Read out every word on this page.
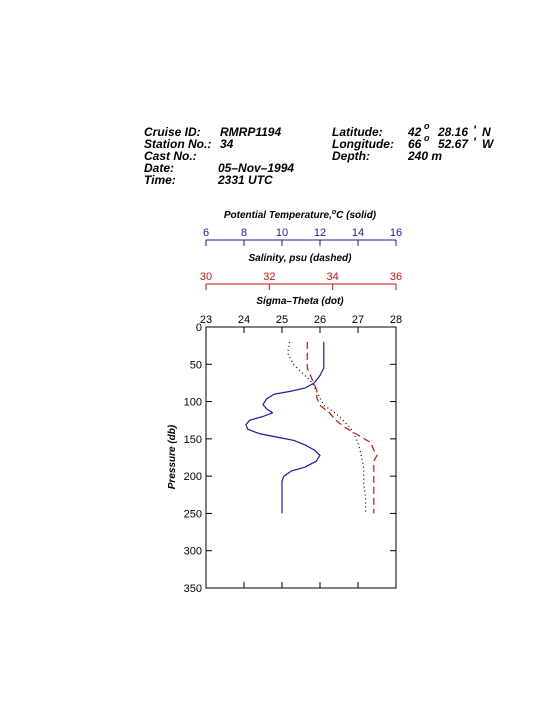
Cruise ID: RMRP1194
Station No.: 34
Cast No.:
Date:	05–Nov–1994
Time:	2331 UTC
Latitude: 42 o 28.16 ' N
Longitude: 66 o 52.67 ' W
Depth:	240 m
Potential Temperature,$^o$C (solid)
Salinity, psu (dashed)
Sigma–Theta (dot)
Pressure (db)
6	8	10 12 14 16
30	32	34	36
23 24 25 26 27 28
0
50
100
150
200
250
300
350
